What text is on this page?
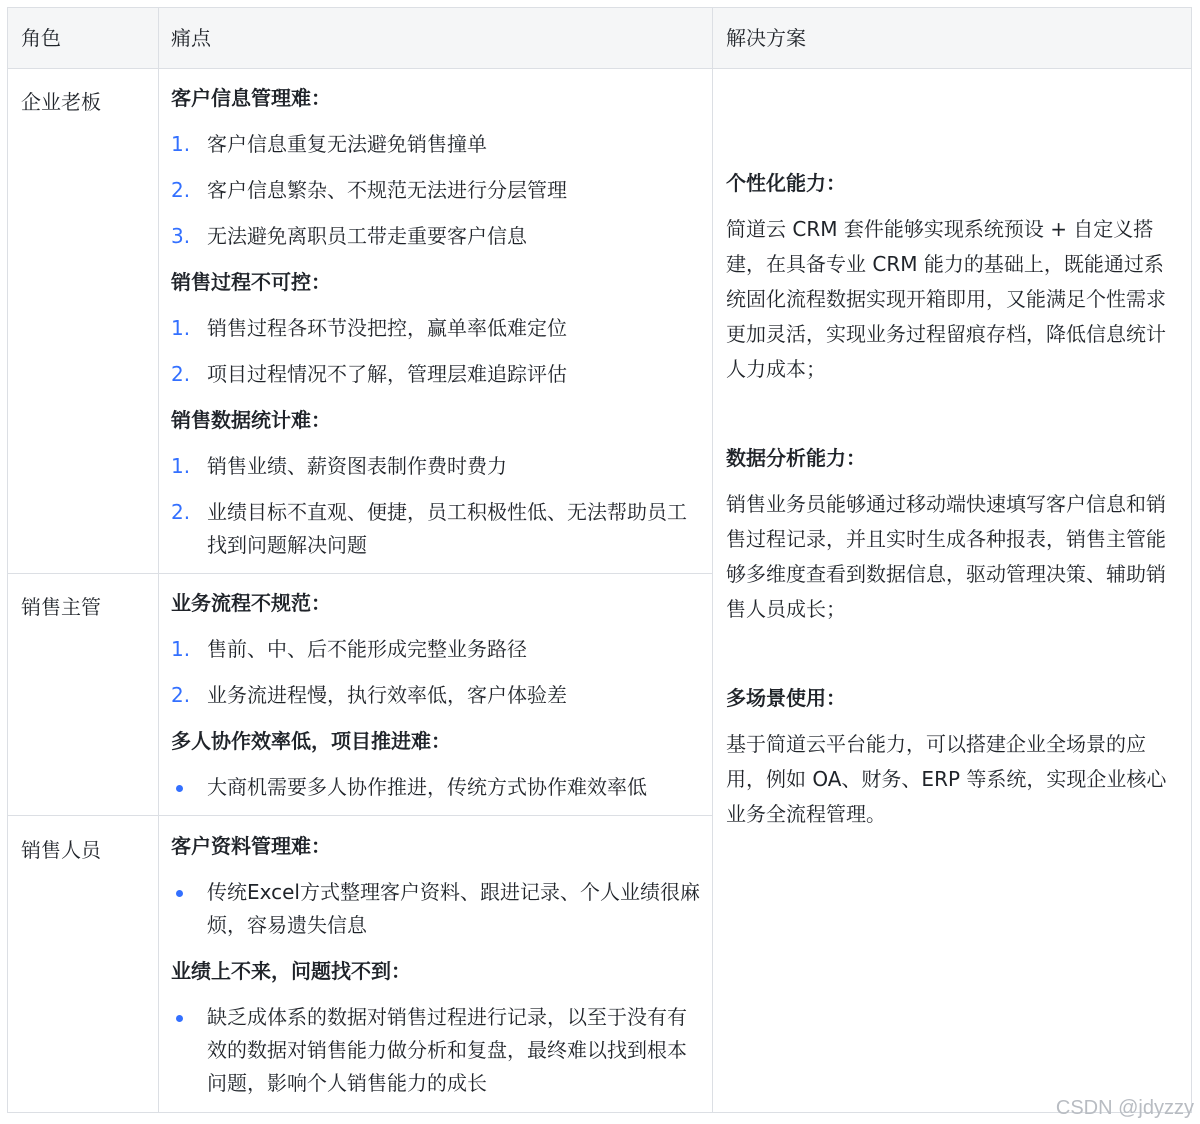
角色	痛点	解决方案
企业老板	客户信息管理难：
1. 客户信息重复无法避免销售撞单
2. 客户信息繁杂、不规范无法进行分层管理
3. 无法避免离职员工带走重要客户信息
销售过程不可控：
1. 销售过程各环节没把控，赢单率低难定位
2. 项目过程情况不了解，管理层难追踪评估
销售数据统计难：
1. 销售业绩、薪资图表制作费时费力
2. 业绩目标不直观、便捷，员工积极性低、无法帮助员工找到问题解决问题
销售主管	业务流程不规范：
1. 售前、中、后不能形成完整业务路径
2. 业务流进程慢，执行效率低，客户体验差
多人协作效率低，项目推进难：
大商机需要多人协作推进，传统方式协作难效率低
销售人员	客户资料管理难：
传统Excel方式整理客户资料、跟进记录、个人业绩很麻烦，容易遗失信息
业绩上不来，问题找不到：
缺乏成体系的数据对销售过程进行记录，以至于没有有效的数据对销售能力做分析和复盘，最终难以找到根本问题，影响个人销售能力的成长
个性化能力：

简道云 CRM 套件能够实现系统预设 + 自定义搭建，在具备专业 CRM 能力的基础上，既能通过系统固化流程数据实现开箱即用，又能满足个性需求更加灵活，实现业务过程留痕存档，降低信息统计人力成本；

数据分析能力：

销售业务员能够通过移动端快速填写客户信息和销售过程记录，并且实时生成各种报表，销售主管能够多维度查看到数据信息，驱动管理决策、辅助销售人员成长；

多场景使用：

基于简道云平台能力，可以搭建企业全场景的应用，例如 OA、财务、ERP 等系统，实现企业核心业务全流程管理。

CSDN @jdyzzy
